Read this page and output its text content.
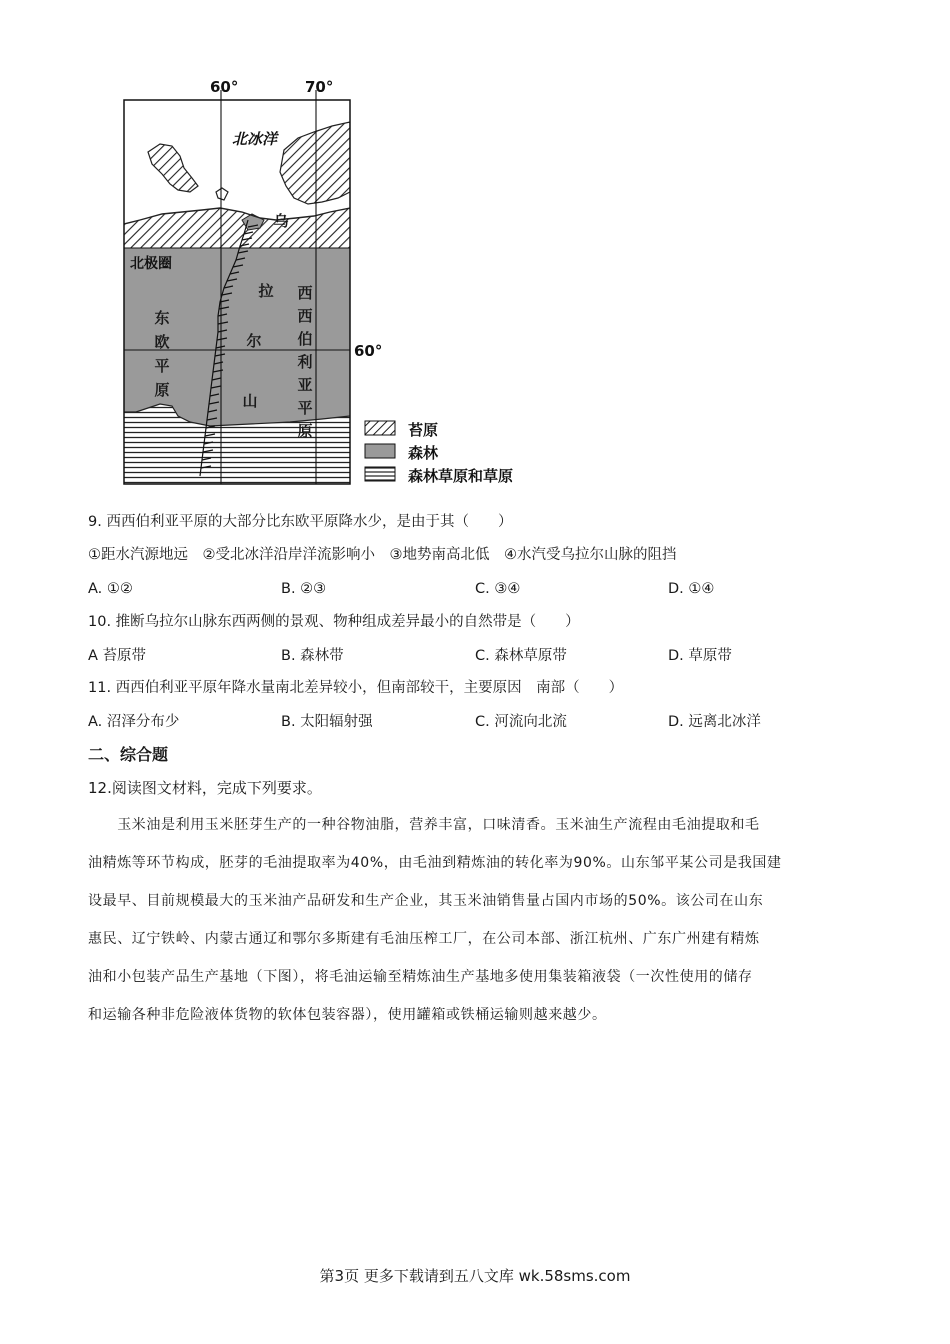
60°	70°
60°
北冰洋
北极圈
乌
拉
尔
山
东
欧
平
原
西
西
伯
利
亚
平
原	苔原
森林
森林草原和草原
9. 西西伯利亚平原的大部分比东欧平原降水少，是由于其（　　）
①距水汽源地远　②受北冰洋沿岸洋流影响小　③地势南高北低　④水汽受乌拉尔山脉的阻挡
A. ①②	B. ②③	C. ③④	D. ①④
10. 推断乌拉尔山脉东西两侧的景观、物种组成差异最小的自然带是（　　）
A 苔原带	B. 森林带	C. 森林草原带	D. 草原带
11. 西西伯利亚平原年降水量南北差异较小，但南部较干，主要原因　南部（　　）
A. 沼泽分布少	B. 太阳辐射强	C. 河流向北流	D. 远离北冰洋
二、综合题
12.阅读图文材料，完成下列要求。
　　玉米油是利用玉米胚芽生产的一种谷物油脂，营养丰富，口味清香。玉米油生产流程由毛油提取和毛
油精炼等环节构成，胚芽的毛油提取率为40%，由毛油到精炼油的转化率为90%。山东邹平某公司是我国建
设最早、目前规模最大的玉米油产品研发和生产企业，其玉米油销售量占国内市场的50%。该公司在山东
惠民、辽宁铁岭、内蒙古通辽和鄂尔多斯建有毛油压榨工厂，在公司本部、浙江杭州、广东广州建有精炼
油和小包装产品生产基地（下图），将毛油运输至精炼油生产基地多使用集装箱液袋（一次性使用的储存
和运输各种非危险液体货物的软体包装容器），使用罐箱或铁桶运输则越来越少。
第3页 更多下载请到五八文库 wk.58sms.com
